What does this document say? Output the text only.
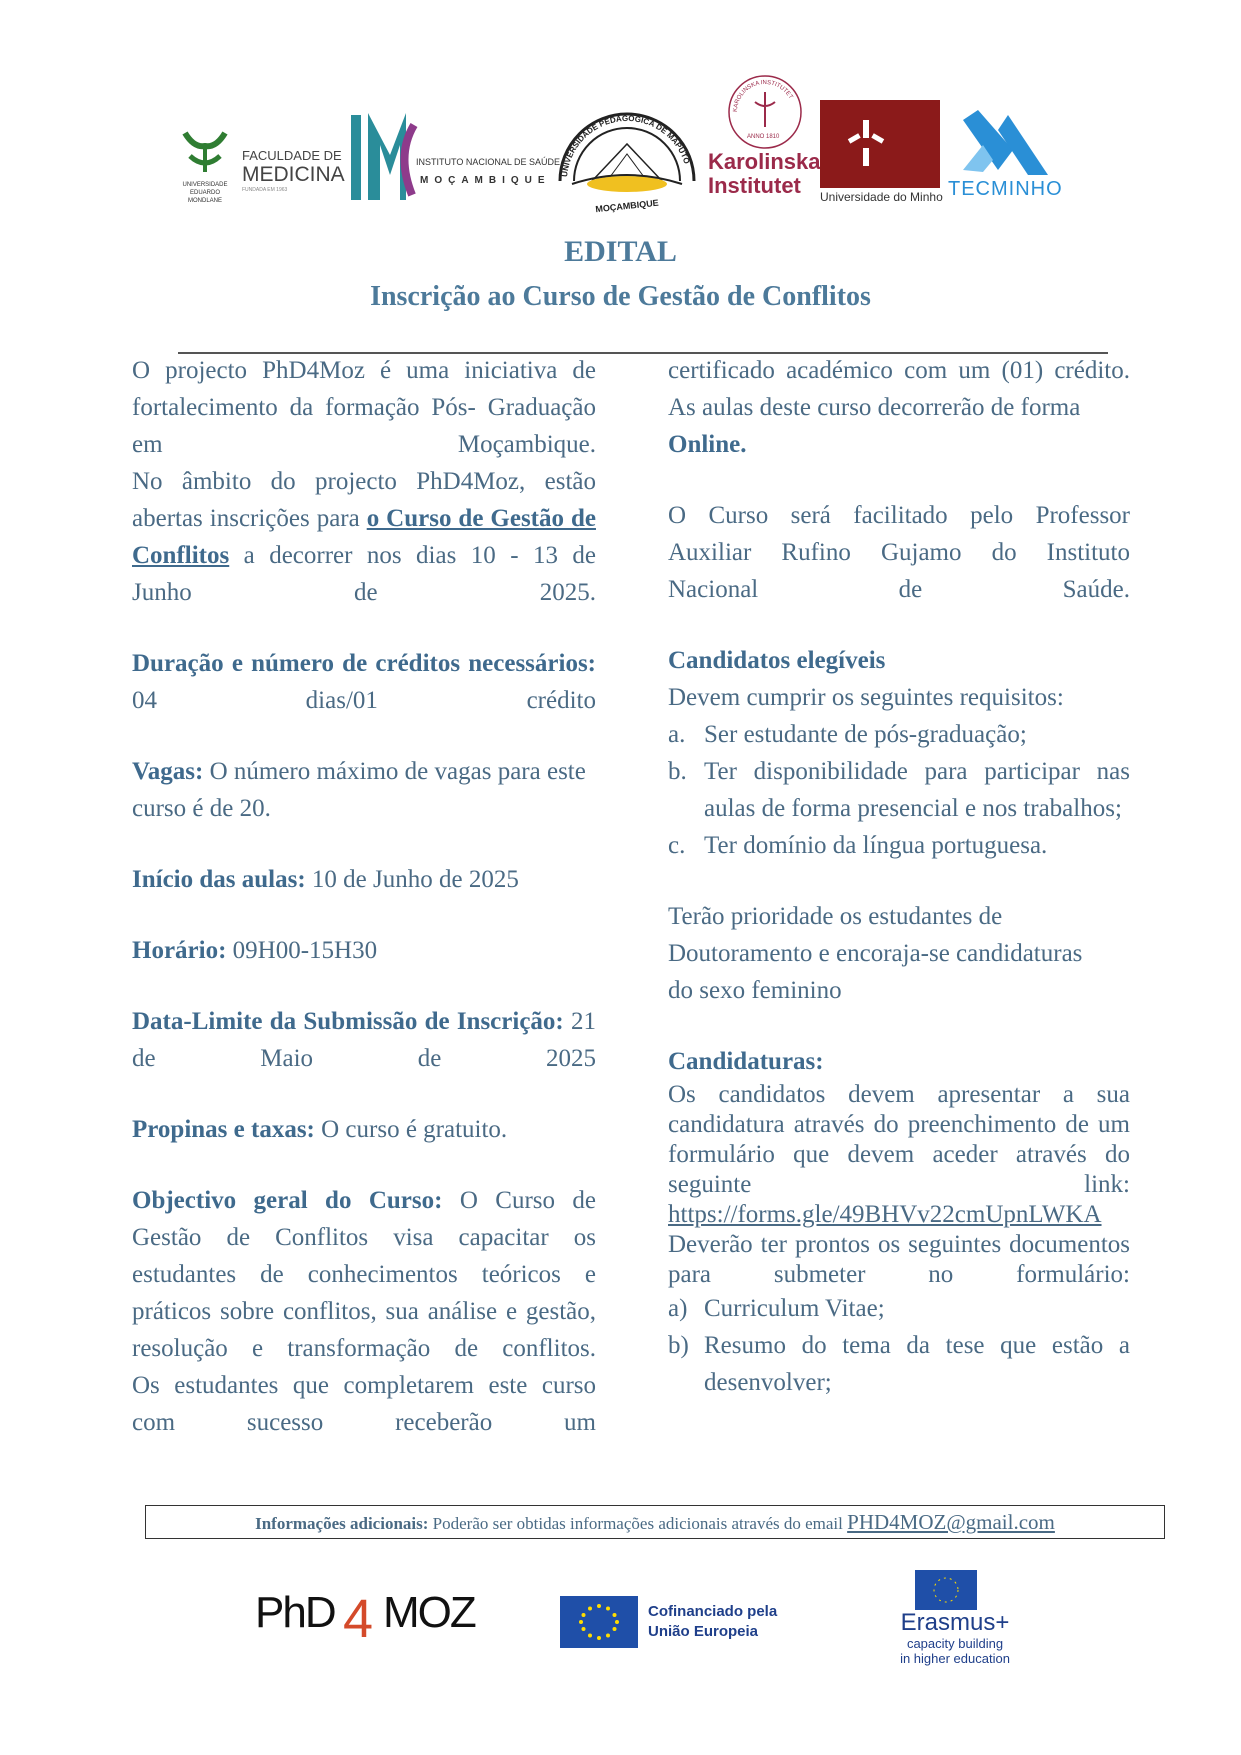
UNIVERSIDADE
EDUARDO
MONDLANE
FACULDADE DE
MEDICINA
FUNDADA EM 1963
INSTITUTO NACIONAL DE SAÚDE
MOÇAMBIQUE
UNIVERSIDADE PEDAGÓGICA DE MAPUTO
MOÇAMBIQUE
KAROLINSKA INSTITUTET
ANNO 1810
Karolinska
Institutet	Universidade do Minho TECMINHO
EDITAL
Inscrição ao Curso de Gestão de Conflitos

O projecto PhD4Moz é uma iniciativa de fortalecimento da formação Pós- Graduação em Moçambique.

No âmbito do projecto PhD4Moz, estão abertas inscrições para o Curso de Gestão de Conflitos a decorrer nos dias 10 - 13 de Junho de 2025.

Duração e número de créditos necessários: 04 dias/01 crédito

Vagas: O número máximo de vagas para este curso é de 20.

Início das aulas: 10 de Junho de 2025

Horário: 09H00-15H30

Data-Limite da Submissão de Inscrição: 21 de Maio de 2025

Propinas e taxas: O curso é gratuito.

Objectivo geral do Curso: O Curso de Gestão de Conflitos visa capacitar os estudantes de conhecimentos teóricos e práticos sobre conflitos, sua análise e gestão, resolução e transformação de conflitos.

Os estudantes que completarem este curso com sucesso receberão um

certificado académico com um (01) crédito.

As aulas deste curso decorrerão de forma Online.

O Curso será facilitado pelo Professor Auxiliar Rufino Gujamo do Instituto Nacional de Saúde.

Candidatos elegíveis

Devem cumprir os seguintes requisitos:

a. Ser estudante de pós-graduação;
b. Ter disponibilidade para participar nas aulas de forma presencial e nos trabalhos;
c. Ter domínio da língua portuguesa.

Terão prioridade os estudantes de Doutoramento e encoraja-se candidaturas do sexo feminino

Candidaturas:

Os candidatos devem apresentar a sua candidatura através do preenchimento de um formulário que devem aceder através do seguinte link:

https://forms.gle/49BHVv22cmUpnLWKA

Deverão ter prontos os seguintes documentos para submeter no formulário:

a) Curriculum Vitae;
b) Resumo do tema da tese que estão a desenvolver;
Informações adicionais: Poderão ser obtidas informações adicionais através do email PHD4MOZ@gmail.com
PhD 4 MOZ	Cofinanciado pela
União Europeia	Erasmus+
capacity building
in higher education
